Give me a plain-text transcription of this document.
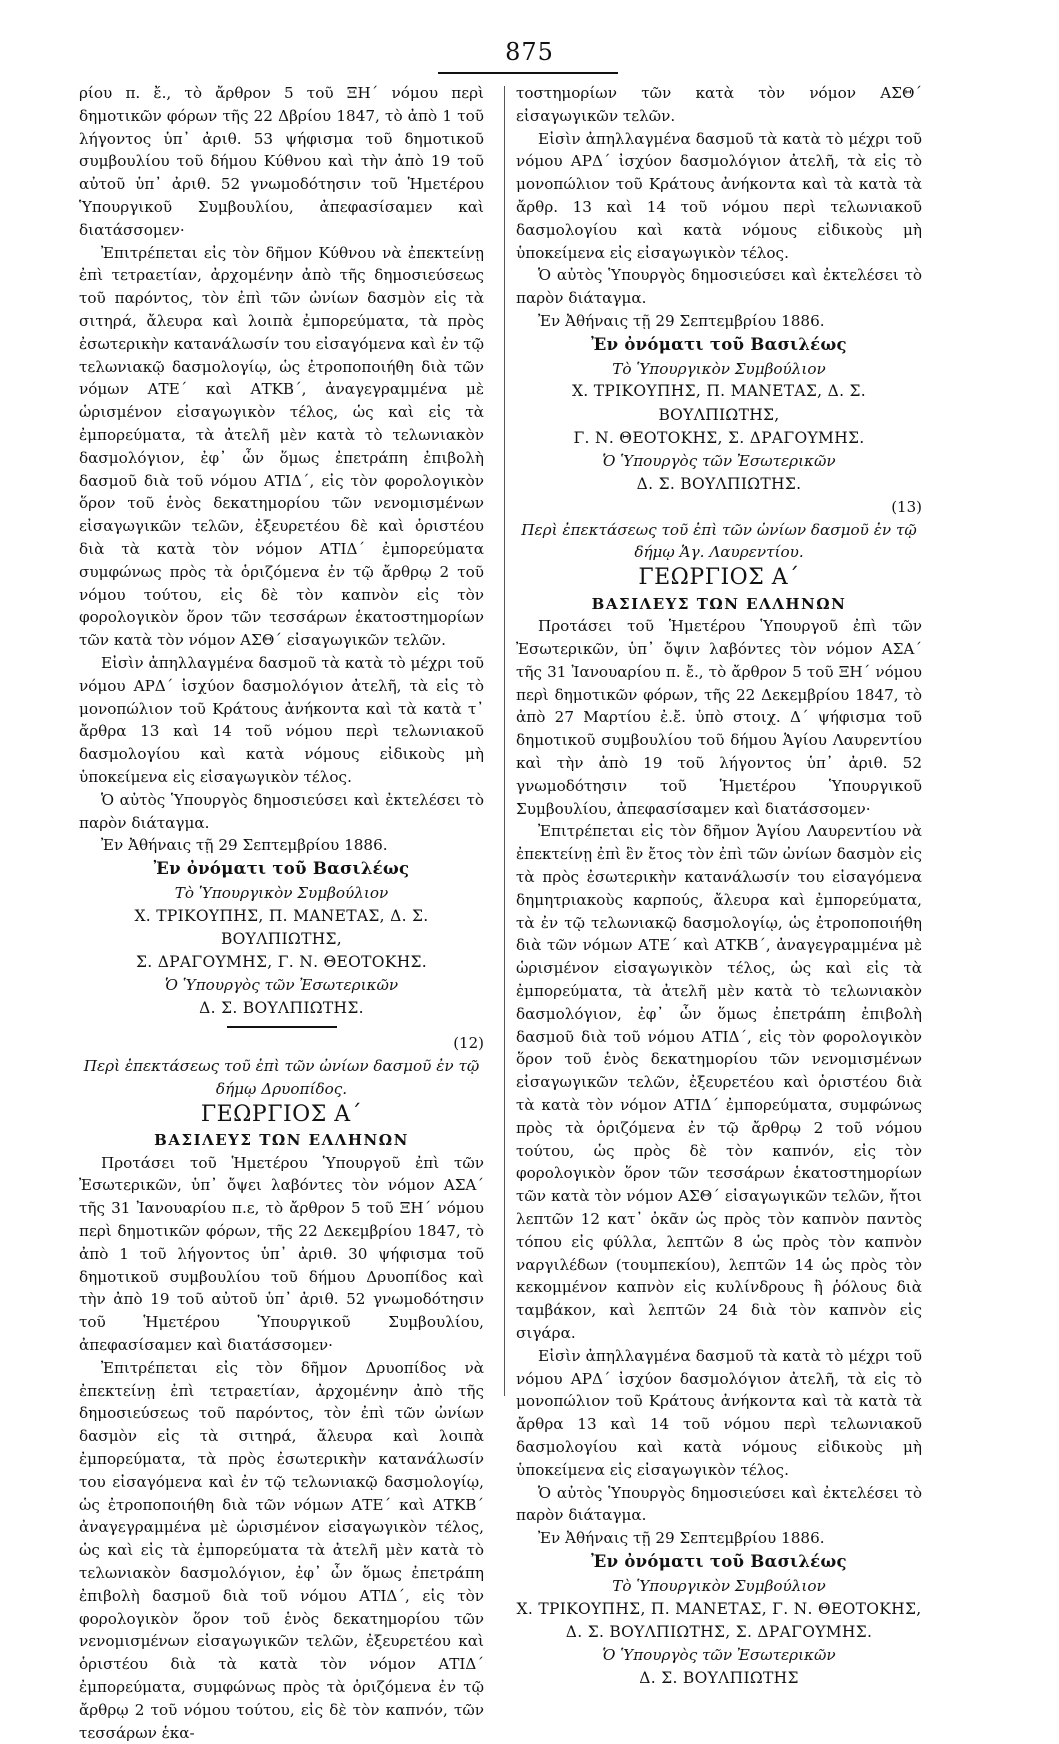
875

ρίου π. ἔ., τὸ ἄρθρον 5 τοῦ ΞΗ΄ νόμου περὶ δημοτικῶν φόρων τῆς 22 Δβρίου 1847, τὸ ἀπὸ 1 τοῦ λήγοντος ὑπ᾽ ἀριθ. 53 ψήφισμα τοῦ δημοτικοῦ συμβουλίου τοῦ δήμου Κύθνου καὶ τὴν ἀπὸ 19 τοῦ αὐτοῦ ὑπ᾽ ἀριθ. 52 γνωμοδότησιν τοῦ Ἡμετέρου Ὑπουργικοῦ Συμβουλίου, ἀπεφασίσαμεν καὶ διατάσσομεν·

Ἐπιτρέπεται εἰς τὸν δῆμον Κύθνου νὰ ἐπεκτείνῃ ἐπὶ τετραετίαν, ἀρχομένην ἀπὸ τῆς δημοσιεύσεως τοῦ παρόντος, τὸν ἐπὶ τῶν ὠνίων δασμὸν εἰς τὰ σιτηρά, ἄλευρα καὶ λοιπὰ ἐμπορεύματα, τὰ πρὸς ἐσωτερικὴν κατανάλωσίν του εἰσαγόμενα καὶ ἐν τῷ τελωνιακῷ δασμολογίῳ, ὡς ἐτροποποιήθη διὰ τῶν νόμων ΑΤΕ΄ καὶ ΑΤΚΒ΄, ἀναγεγραμμένα μὲ ὡρισμένον εἰσαγωγικὸν τέλος, ὡς καὶ εἰς τὰ ἐμπορεύματα, τὰ ἀτελῆ μὲν κατὰ τὸ τελωνιακὸν δασμολόγιον, ἐφ᾽ ὧν ὅμως ἐπετράπη ἐπιβολὴ δασμοῦ διὰ τοῦ νόμου ΑΤΙΔ΄, εἰς τὸν φορολογικὸν ὅρον τοῦ ἑνὸς δεκατημορίου τῶν νενομισμένων εἰσαγωγικῶν τελῶν, ἐξευρετέου δὲ καὶ ὁριστέου διὰ τὰ κατὰ τὸν νόμον ΑΤΙΔ΄ ἐμπορεύματα συμφώνως πρὸς τὰ ὁριζόμενα ἐν τῷ ἄρθρῳ 2 τοῦ νόμου τούτου, εἰς δὲ τὸν καπνὸν εἰς τὸν φορολογικὸν ὅρον τῶν τεσσάρων ἑκατοστημορίων τῶν κατὰ τὸν νόμον ΑΣΘ΄ εἰσαγωγικῶν τελῶν.

Εἰσὶν ἀπηλλαγμένα δασμοῦ τὰ κατὰ τὸ μέχρι τοῦ νόμου ΑΡΔ΄ ἰσχύον δασμολόγιον ἀτελῆ, τὰ εἰς τὸ μονοπώλιον τοῦ Κράτους ἀνήκοντα καὶ τὰ κατὰ τ᾽ ἄρθρα 13 καὶ 14 τοῦ νόμου περὶ τελωνιακοῦ δασμολογίου καὶ κατὰ νόμους εἰδικοὺς μὴ ὑποκείμενα εἰς εἰσαγωγικὸν τέλος.

Ὁ αὐτὸς Ὑπουργὸς δημοσιεύσει καὶ ἐκτελέσει τὸ παρὸν διάταγμα.

Ἐν Ἀθήναις τῇ 29 Σεπτεμβρίου 1886.

Ἐν ὀνόματι τοῦ Βασιλέως

Τὸ Ὑπουργικὸν Συμβούλιον

Χ. ΤΡΙΚΟΥΠΗΣ, Π. ΜΑΝΕΤΑΣ, Δ. Σ. ΒΟΥΛΠΙΩΤΗΣ,

Σ. ΔΡΑΓΟΥΜΗΣ, Γ. Ν. ΘΕΟΤΟΚΗΣ.

Ὁ Ὑπουργὸς τῶν Ἐσωτερικῶν

Δ. Σ. ΒΟΥΛΠΙΩΤΗΣ.

(12)

Περὶ ἐπεκτάσεως τοῦ ἐπὶ τῶν ὠνίων δασμοῦ ἐν τῷ δήμῳ Δρυοπίδος.

ΓΕΩΡΓΙΟΣ Α΄

ΒΑΣΙΛΕΥΣ ΤΩΝ ΕΛΛΗΝΩΝ

Προτάσει τοῦ Ἡμετέρου Ὑπουργοῦ ἐπὶ τῶν Ἐσωτερικῶν, ὑπ᾽ ὄψει λαβόντες τὸν νόμον ΑΣΑ΄ τῆς 31 Ἰανουαρίου π.ε, τὸ ἄρθρον 5 τοῦ ΞΗ΄ νόμου περὶ δημοτικῶν φόρων, τῆς 22 Δεκεμβρίου 1847, τὸ ἀπὸ 1 τοῦ λήγοντος ὑπ᾽ ἀριθ. 30 ψήφισμα τοῦ δημοτικοῦ συμβουλίου τοῦ δήμου Δρυοπίδος καὶ τὴν ἀπὸ 19 τοῦ αὐτοῦ ὑπ᾽ ἀριθ. 52 γνωμοδότησιν τοῦ Ἡμετέρου Ὑπουργικοῦ Συμβουλίου, ἀπεφασίσαμεν καὶ διατάσσομεν·

Ἐπιτρέπεται εἰς τὸν δῆμον Δρυοπίδος νὰ ἐπεκτείνῃ ἐπὶ τετραετίαν, ἀρχομένην ἀπὸ τῆς δημοσιεύσεως τοῦ παρόντος, τὸν ἐπὶ τῶν ὠνίων δασμὸν εἰς τὰ σιτηρά, ἄλευρα καὶ λοιπὰ ἐμπορεύματα, τὰ πρὸς ἐσωτερικὴν κατανάλωσίν του εἰσαγόμενα καὶ ἐν τῷ τελωνιακῷ δασμολογίῳ, ὡς ἐτροποποιήθη διὰ τῶν νόμων ΑΤΕ΄ καὶ ΑΤΚΒ΄ ἀναγεγραμμένα μὲ ὡρισμένον εἰσαγωγικὸν τέλος, ὡς καὶ εἰς τὰ ἐμπορεύματα τὰ ἀτελῆ μὲν κατὰ τὸ τελωνιακὸν δασμολόγιον, ἐφ᾽ ὧν ὅμως ἐπετράπη ἐπιβολὴ δασμοῦ διὰ τοῦ νόμου ΑΤΙΔ΄, εἰς τὸν φορολογικὸν ὅρον τοῦ ἑνὸς δεκατημορίου τῶν νενομισμένων εἰσαγωγικῶν τελῶν, ἐξευρετέου καὶ ὁριστέου διὰ τὰ κατὰ τὸν νόμον ΑΤΙΔ΄ ἐμπορεύματα, συμφώνως πρὸς τὰ ὁριζόμενα ἐν τῷ ἄρθρῳ 2 τοῦ νόμου τούτου, εἰς δὲ τὸν καπνόν, τῶν τεσσάρων ἑκα-

τοστημορίων τῶν κατὰ τὸν νόμον ΑΣΘ΄ εἰσαγωγικῶν τελῶν.

Εἰσὶν ἀπηλλαγμένα δασμοῦ τὰ κατὰ τὸ μέχρι τοῦ νόμου ΑΡΔ΄ ἰσχύον δασμολόγιον ἀτελῆ, τὰ εἰς τὸ μονοπώλιον τοῦ Κράτους ἀνήκοντα καὶ τὰ κατὰ τὰ ἄρθρ. 13 καὶ 14 τοῦ νόμου περὶ τελωνιακοῦ δασμολογίου καὶ κατὰ νόμους εἰδικοὺς μὴ ὑποκείμενα εἰς εἰσαγωγικὸν τέλος.

Ὁ αὐτὸς Ὑπουργὸς δημοσιεύσει καὶ ἐκτελέσει τὸ παρὸν διάταγμα.

Ἐν Ἀθήναις τῇ 29 Σεπτεμβρίου 1886.

Ἐν ὀνόματι τοῦ Βασιλέως

Τὸ Ὑπουργικὸν Συμβούλιον

Χ. ΤΡΙΚΟΥΠΗΣ, Π. ΜΑΝΕΤΑΣ, Δ. Σ. ΒΟΥΛΠΙΩΤΗΣ,

Γ. Ν. ΘΕΟΤΟΚΗΣ, Σ. ΔΡΑΓΟΥΜΗΣ.

Ὁ Ὑπουργὸς τῶν Ἐσωτερικῶν

Δ. Σ. ΒΟΥΛΠΙΩΤΗΣ.

(13)

Περὶ ἐπεκτάσεως τοῦ ἐπὶ τῶν ὠνίων δασμοῦ ἐν τῷ δήμῳ Ἁγ. Λαυρεντίου.

ΓΕΩΡΓΙΟΣ Α΄

ΒΑΣΙΛΕΥΣ ΤΩΝ ΕΛΛΗΝΩΝ

Προτάσει τοῦ Ἡμετέρου Ὑπουργοῦ ἐπὶ τῶν Ἐσωτερικῶν, ὑπ᾽ ὄψιν λαβόντες τὸν νόμον ΑΣΑ΄ τῆς 31 Ἰανουαρίου π. ἔ., τὸ ἄρθρον 5 τοῦ ΞΗ΄ νόμου περὶ δημοτικῶν φόρων, τῆς 22 Δεκεμβρίου 1847, τὸ ἀπὸ 27 Μαρτίου ἐ.ἔ. ὑπὸ στοιχ. Δ΄ ψήφισμα τοῦ δημοτικοῦ συμβουλίου τοῦ δήμου Ἁγίου Λαυρεντίου καὶ τὴν ἀπὸ 19 τοῦ λήγοντος ὑπ᾽ ἀριθ. 52 γνωμοδότησιν τοῦ Ἡμετέρου Ὑπουργικοῦ Συμβουλίου, ἀπεφασίσαμεν καὶ διατάσσομεν·

Ἐπιτρέπεται εἰς τὸν δῆμον Ἁγίου Λαυρεντίου νὰ ἐπεκτείνῃ ἐπὶ ἓν ἔτος τὸν ἐπὶ τῶν ὠνίων δασμὸν εἰς τὰ πρὸς ἐσωτερικὴν κατανάλωσίν του εἰσαγόμενα δημητριακοὺς καρπούς, ἄλευρα καὶ ἐμπορεύματα, τὰ ἐν τῷ τελωνιακῷ δασμολογίῳ, ὡς ἐτροποποιήθη διὰ τῶν νόμων ΑΤΕ΄ καὶ ΑΤΚΒ΄, ἀναγεγραμμένα μὲ ὡρισμένον εἰσαγωγικὸν τέλος, ὡς καὶ εἰς τὰ ἐμπορεύματα, τὰ ἀτελῆ μὲν κατὰ τὸ τελωνιακὸν δασμολόγιον, ἐφ᾽ ὧν ὅμως ἐπετράπη ἐπιβολὴ δασμοῦ διὰ τοῦ νόμου ΑΤΙΔ΄, εἰς τὸν φορολογικὸν ὅρον τοῦ ἑνὸς δεκατημορίου τῶν νενομισμένων εἰσαγωγικῶν τελῶν, ἐξευρετέου καὶ ὁριστέου διὰ τὰ κατὰ τὸν νόμον ΑΤΙΔ΄ ἐμπορεύματα, συμφώνως πρὸς τὰ ὁριζόμενα ἐν τῷ ἄρθρῳ 2 τοῦ νόμου τούτου, ὡς πρὸς δὲ τὸν καπνόν, εἰς τὸν φορολογικὸν ὅρον τῶν τεσσάρων ἑκατοστημορίων τῶν κατὰ τὸν νόμον ΑΣΘ΄ εἰσαγωγικῶν τελῶν, ἤτοι λεπτῶν 12 κατ᾽ ὀκᾶν ὡς πρὸς τὸν καπνὸν παντὸς τόπου εἰς φύλλα, λεπτῶν 8 ὡς πρὸς τὸν καπνὸν ναργιλέδων (τουμπεκίου), λεπτῶν 14 ὡς πρὸς τὸν κεκομμένον καπνὸν εἰς κυλίνδρους ἢ ῥόλους διὰ ταμβάκον, καὶ λεπτῶν 24 διὰ τὸν καπνὸν εἰς σιγάρα.

Εἰσὶν ἀπηλλαγμένα δασμοῦ τὰ κατὰ τὸ μέχρι τοῦ νόμου ΑΡΔ΄ ἰσχύον δασμολόγιον ἀτελῆ, τὰ εἰς τὸ μονοπώλιον τοῦ Κράτους ἀνήκοντα καὶ τὰ κατὰ τὰ ἄρθρα 13 καὶ 14 τοῦ νόμου περὶ τελωνιακοῦ δασμολογίου καὶ κατὰ νόμους εἰδικοὺς μὴ ὑποκείμενα εἰς εἰσαγωγικὸν τέλος.

Ὁ αὐτὸς Ὑπουργὸς δημοσιεύσει καὶ ἐκτελέσει τὸ παρὸν διάταγμα.

Ἐν Ἀθήναις τῇ 29 Σεπτεμβρίου 1886.

Ἐν ὀνόματι τοῦ Βασιλέως

Τὸ Ὑπουργικὸν Συμβούλιον

Χ. ΤΡΙΚΟΥΠΗΣ, Π. ΜΑΝΕΤΑΣ, Γ. Ν. ΘΕΟΤΟΚΗΣ,

Δ. Σ. ΒΟΥΛΠΙΩΤΗΣ, Σ. ΔΡΑΓΟΥΜΗΣ.

Ὁ Ὑπουργὸς τῶν Ἐσωτερικῶν

Δ. Σ. ΒΟΥΛΠΙΩΤΗΣ
